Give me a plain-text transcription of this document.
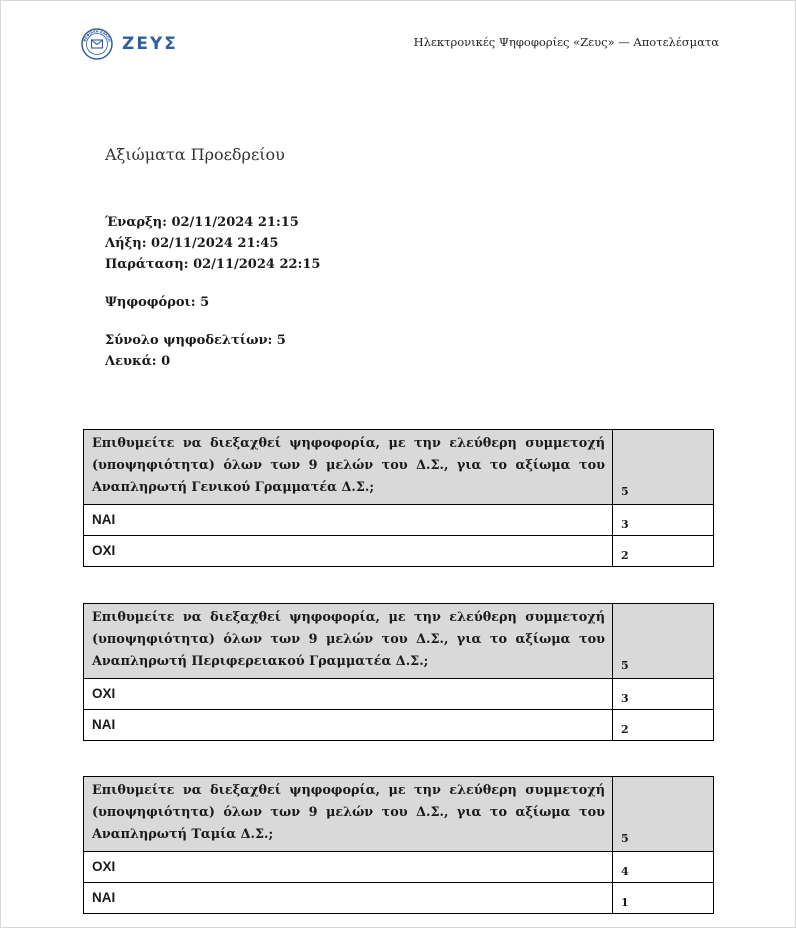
ΨΗΦΙΑΚΗ ΚΑΛΠΗ ΖΕΥΣ	Ηλεκτρονικές Ψηφοφορίες «Ζευς» — Αποτελέσματα
Αξιώματα Προεδρείου
Έναρξη: 02/11/2024 21:15
Λήξη: 02/11/2024 21:45
Παράταση: 02/11/2024 22:15
Ψηφοφόροι: 5
Σύνολο ψηφοδελτίων: 5
Λευκά: 0
Επιθυμείτε να διεξαχθεί ψηφοφορία, με την ελεύθερη συμμετοχή (υποψηφιότητα) όλων των 9 μελών του Δ.Σ., για το αξίωμα του Αναπληρωτή Γενικού Γραμματέα Δ.Σ.;	5
ΝΑΙ	3
ΟΧΙ	2
Επιθυμείτε να διεξαχθεί ψηφοφορία, με την ελεύθερη συμμετοχή (υποψηφιότητα) όλων των 9 μελών του Δ.Σ., για το αξίωμα του Αναπληρωτή Περιφερειακού Γραμματέα Δ.Σ.;	5
ΟΧΙ	3
ΝΑΙ	2
Επιθυμείτε να διεξαχθεί ψηφοφορία, με την ελεύθερη συμμετοχή (υποψηφιότητα) όλων των 9 μελών του Δ.Σ., για το αξίωμα του Αναπληρωτή Ταμία Δ.Σ.;	5
ΟΧΙ	4
ΝΑΙ	1
